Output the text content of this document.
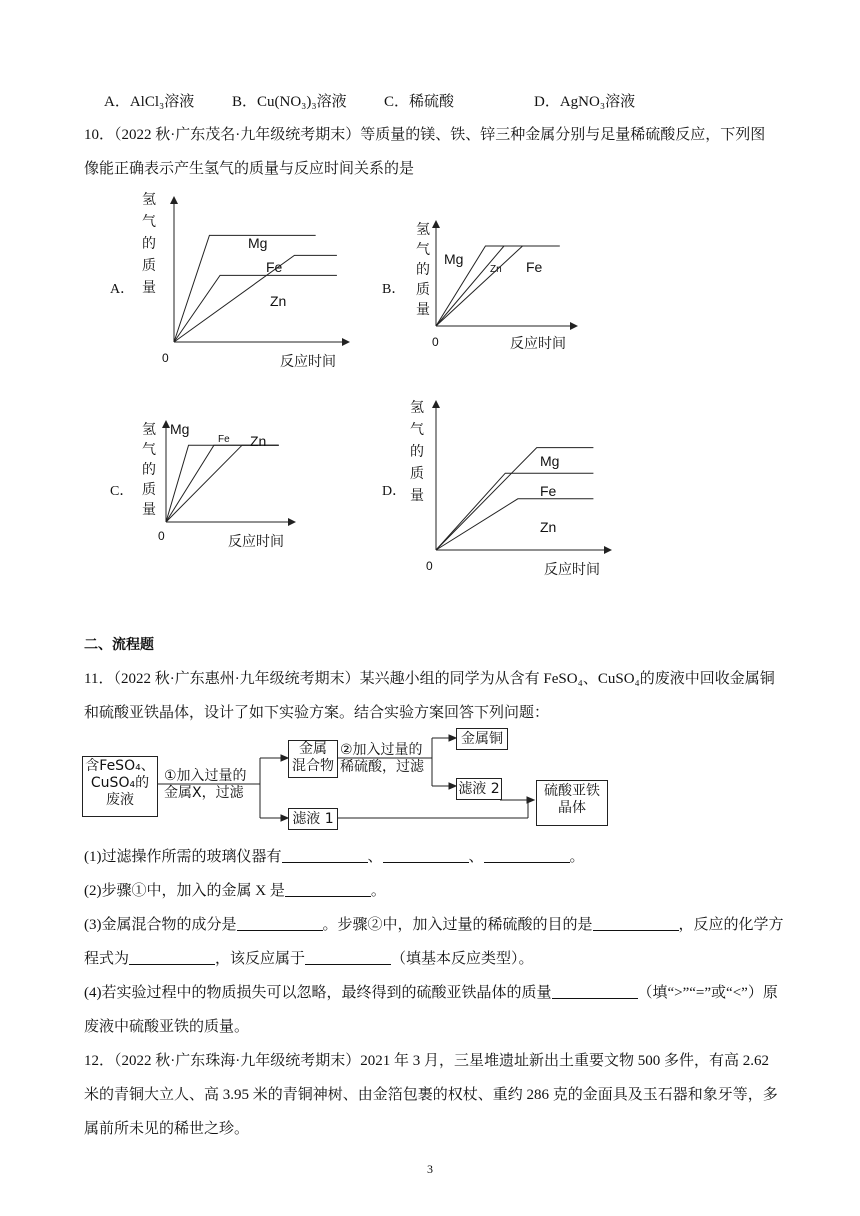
A．AlCl₃溶液	B．Cu(NO₃)₃溶液 C．稀硫酸	D．AgNO₃溶液
10．（2022 秋·广东茂名·九年级统考期末）等质量的镁、铁、锌三种金属分别与足量稀硫酸反应，下列图
像能正确表示产生氢气的质量与反应时间关系的是
A．	B．
C．	D．
氢
气
的
质
量
反应时间
0
Mg
Fe
Zn
氢
气
的
质
量
反应时间
0
Mg
Zn Fe
氢
气
的
质
量
反应时间
0
Mg
Fe Zn
氢
气
的
质
量
反应时间
0
Mg
Fe
Zn
二、流程题
11．（2022 秋·广东惠州·九年级统考期末）某兴趣小组的同学为从含有 FeSO₄、CuSO₄的废液中回收金属铜
和硫酸亚铁晶体，设计了如下实验方案。结合实验方案回答下列问题：
含FeSO₄、
CuSO₄的
废液
①加入过量的
金属X，过滤
金属
混合物
②加入过量的
稀硫酸，过滤
金属铜
滤液 2
滤液 1
硫酸亚铁
晶体
(1)过滤操作所需的玻璃仪器有	、	、	。
(2)步骤①中，加入的金属 X 是	。
(3)金属混合物的成分是	。步骤②中，加入过量的稀硫酸的目的是	，反应的化学方
程式为	，该反应属于	（填基本反应类型）。
(4)若实验过程中的物质损失可以忽略，最终得到的硫酸亚铁晶体的质量	（填“>”“=”或“<”）原
废液中硫酸亚铁的质量。
12．（2022 秋·广东珠海·九年级统考期末）2021 年 3 月，三星堆遗址新出土重要文物 500 多件，有高 2.62
米的青铜大立人、高 3.95 米的青铜神树、由金箔包裹的权杖、重约 286 克的金面具及玉石器和象牙等，多
属前所未见的稀世之珍。
3
